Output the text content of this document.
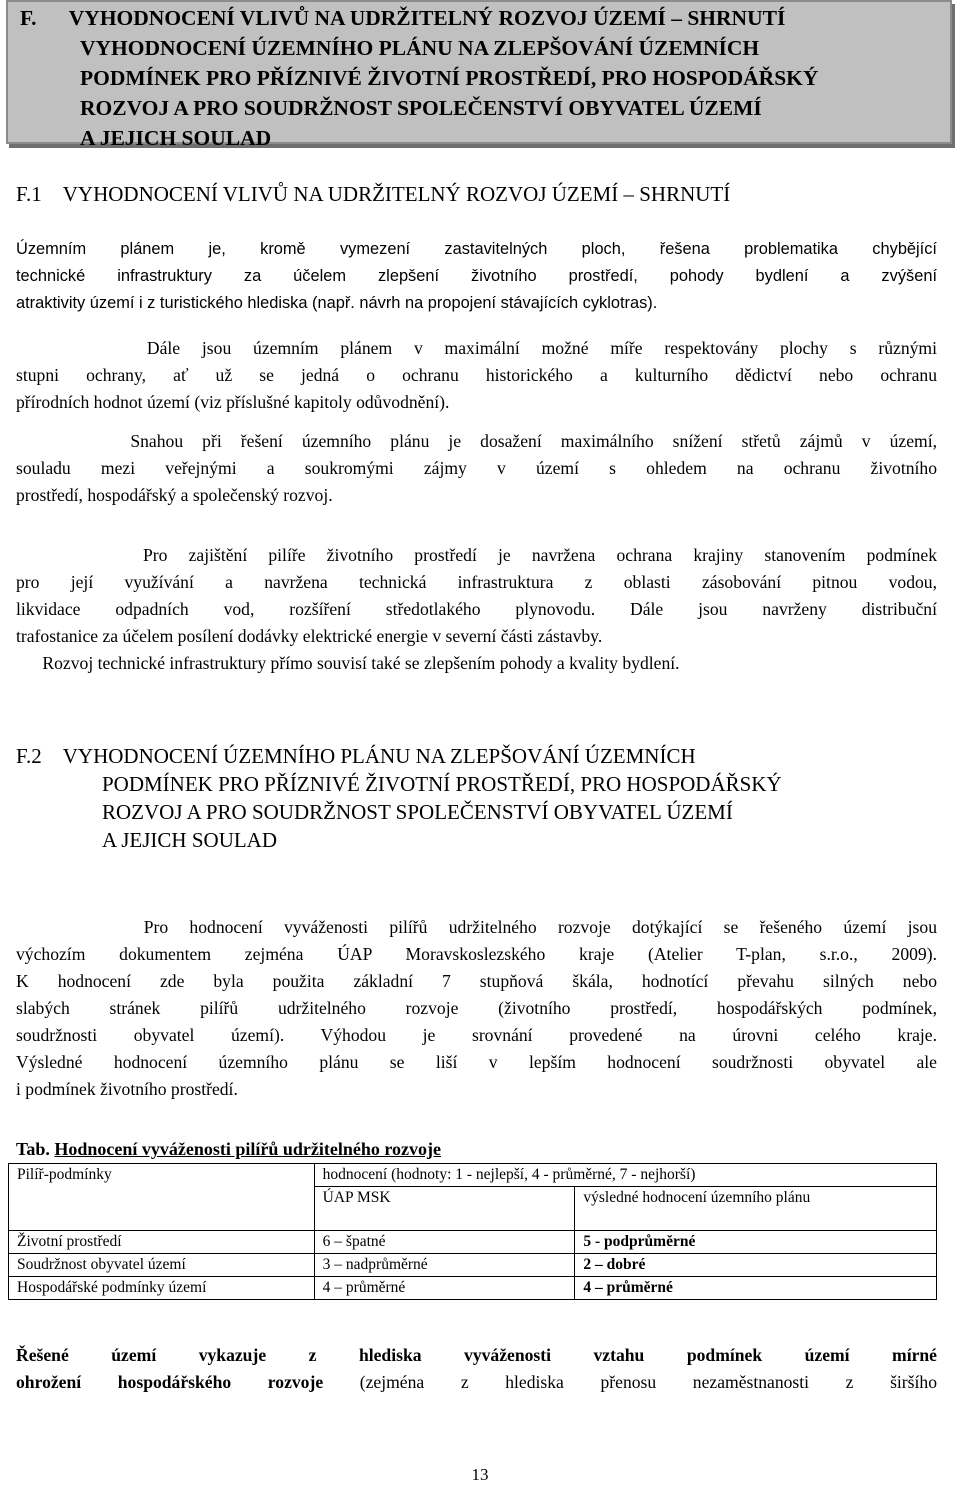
F.      VYHODNOCENÍ VLIVŮ NA UDRŽITELNÝ ROZVOJ ÚZEMÍ – SHRNUTÍ
VYHODNOCENÍ ÚZEMNÍHO PLÁNU NA ZLEPŠOVÁNÍ ÚZEMNÍCH
PODMÍNEK PRO PŘÍZNIVÉ ŽIVOTNÍ PROSTŘEDÍ, PRO HOSPODÁŘSKÝ
ROZVOJ A PRO SOUDRŽNOST SPOLEČENSTVÍ OBYVATEL ÚZEMÍ
A JEJICH SOULAD
F.1    VYHODNOCENÍ VLIVŮ NA UDRŽITELNÝ ROZVOJ ÚZEMÍ – SHRNUTÍ
Územním plánem je, kromě vymezení zastavitelných ploch, řešena problematika chybějící
technické infrastruktury za účelem zlepšení životního prostředí, pohody bydlení a zvýšení
atraktivity území i z turistického hlediska (např. návrh na propojení stávajících cyklotras).
Dále jsou územním plánem v maximální možné míře respektovány plochy s různými
stupni ochrany, ať už se jedná o ochranu historického a kulturního dědictví nebo ochranu
přírodních hodnot území (viz příslušné kapitoly odůvodnění).
Snahou při řešení územního plánu je dosažení maximálního snížení střetů zájmů v území,
souladu mezi veřejnými a soukromými zájmy v území s ohledem na ochranu životního
prostředí, hospodářský a společenský rozvoj.
Pro zajištění pilíře životního prostředí je navržena ochrana krajiny stanovením podmínek
pro její využívání a navržena technická infrastruktura z oblasti zásobování pitnou vodou,
likvidace odpadních vod, rozšíření středotlakého plynovodu. Dále jsou navrženy distribuční
trafostanice za účelem posílení dodávky elektrické energie v severní části zástavby.
Rozvoj technické infrastruktury přímo souvisí také se zlepšením pohody a kvality bydlení.
F.2    VYHODNOCENÍ ÚZEMNÍHO PLÁNU NA ZLEPŠOVÁNÍ ÚZEMNÍCH
PODMÍNEK PRO PŘÍZNIVÉ ŽIVOTNÍ PROSTŘEDÍ, PRO HOSPODÁŘSKÝ
ROZVOJ A PRO SOUDRŽNOST SPOLEČENSTVÍ OBYVATEL ÚZEMÍ
A JEJICH SOULAD
Pro hodnocení vyváženosti pilířů udržitelného rozvoje dotýkající se řešeného území jsou
výchozím dokumentem zejména ÚAP Moravskoslezského kraje (Atelier T-plan, s.r.o., 2009).
K hodnocení zde byla použita základní 7 stupňová škála, hodnotící převahu silných nebo
slabých stránek pilířů udržitelného rozvoje (životního prostředí, hospodářských podmínek,
soudržnosti obyvatel území). Výhodou je srovnání provedené na úrovni celého kraje.
Výsledné hodnocení územního plánu se liší v lepším hodnocení soudržnosti obyvatel ale
i podmínek životního prostředí.
Tab. Hodnocení vyváženosti pilířů udržitelného rozvoje
Pilíř-podmínky	hodnocení (hodnoty: 1 - nejlepší, 4 - průměrné, 7 - nejhorší)	
	ÚAP MSK	výsledné hodnocení územního plánu
Životní prostředí	6 – špatné	5 - podprůměrné
Soudržnost obyvatel území	3 – nadprůměrné	2 – dobré
Hospodářské podmínky území	4 – průměrné	4 – průměrné
Řešené území vykazuje z hlediska vyváženosti vztahu podmínek území mírné
ohrožení hospodářského rozvoje (zejména z hlediska přenosu nezaměstnanosti z širšího
13
